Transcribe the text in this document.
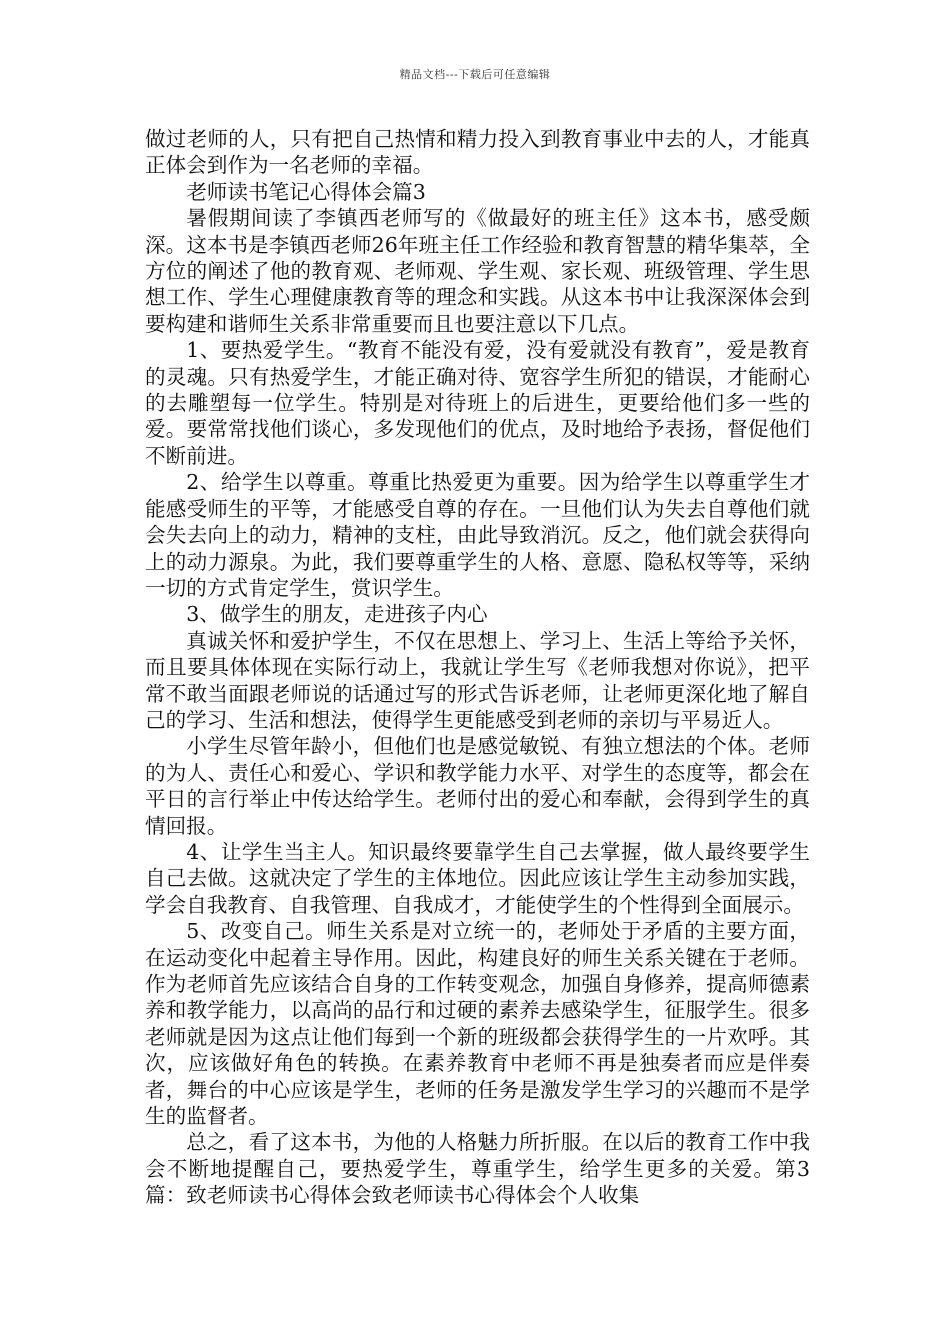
精品文档---下载后可任意编辑

做过老师的人，只有把自己热情和精力投入到教育事业中去的人，才能真正体会到作为一名老师的幸福。

老师读书笔记心得体会篇3

暑假期间读了李镇西老师写的《做最好的班主任》这本书，感受颇深。这本书是李镇西老师26年班主任工作经验和教育智慧的精华集萃，全方位的阐述了他的教育观、老师观、学生观、家长观、班级管理、学生思想工作、学生心理健康教育等的理念和实践。从这本书中让我深深体会到要构建和谐师生关系非常重要而且也要注意以下几点。

1、要热爱学生。“教育不能没有爱，没有爱就没有教育”，爱是教育的灵魂。只有热爱学生，才能正确对待、宽容学生所犯的错误，才能耐心的去雕塑每一位学生。特别是对待班上的后进生，更要给他们多一些的爱。要常常找他们谈心，多发现他们的优点，及时地给予表扬，督促他们不断前进。

2、给学生以尊重。尊重比热爱更为重要。因为给学生以尊重学生才能感受师生的平等，才能感受自尊的存在。一旦他们认为失去自尊他们就会失去向上的动力，精神的支柱，由此导致消沉。反之，他们就会获得向上的动力源泉。为此，我们要尊重学生的人格、意愿、隐私权等等，采纳一切的方式肯定学生，赏识学生。

3、做学生的朋友，走进孩子内心

真诚关怀和爱护学生，不仅在思想上、学习上、生活上等给予关怀，而且要具体体现在实际行动上，我就让学生写《老师我想对你说》，把平常不敢当面跟老师说的话通过写的形式告诉老师，让老师更深化地了解自己的学习、生活和想法，使得学生更能感受到老师的亲切与平易近人。

小学生尽管年龄小，但他们也是感觉敏锐、有独立想法的个体。老师的为人、责任心和爱心、学识和教学能力水平、对学生的态度等，都会在平日的言行举止中传达给学生。老师付出的爱心和奉献，会得到学生的真情回报。

4、让学生当主人。知识最终要靠学生自己去掌握，做人最终要学生自己去做。这就决定了学生的主体地位。因此应该让学生主动参加实践，学会自我教育、自我管理、自我成才，才能使学生的个性得到全面展示。

5、改变自己。师生关系是对立统一的，老师处于矛盾的主要方面，在运动变化中起着主导作用。因此，构建良好的师生关系关键在于老师。作为老师首先应该结合自身的工作转变观念，加强自身修养，提高师德素养和教学能力，以高尚的品行和过硬的素养去感染学生，征服学生。很多老师就是因为这点让他们每到一个新的班级都会获得学生的一片欢呼。其次，应该做好角色的转换。在素养教育中老师不再是独奏者而应是伴奏者，舞台的中心应该是学生，老师的任务是激发学生学习的兴趣而不是学生的监督者。

总之，看了这本书，为他的人格魅力所折服。在以后的教育工作中我会不断地提醒自己，要热爱学生，尊重学生，给学生更多的关爱。第3篇：致老师读书心得体会致老师读书心得体会个人收集
